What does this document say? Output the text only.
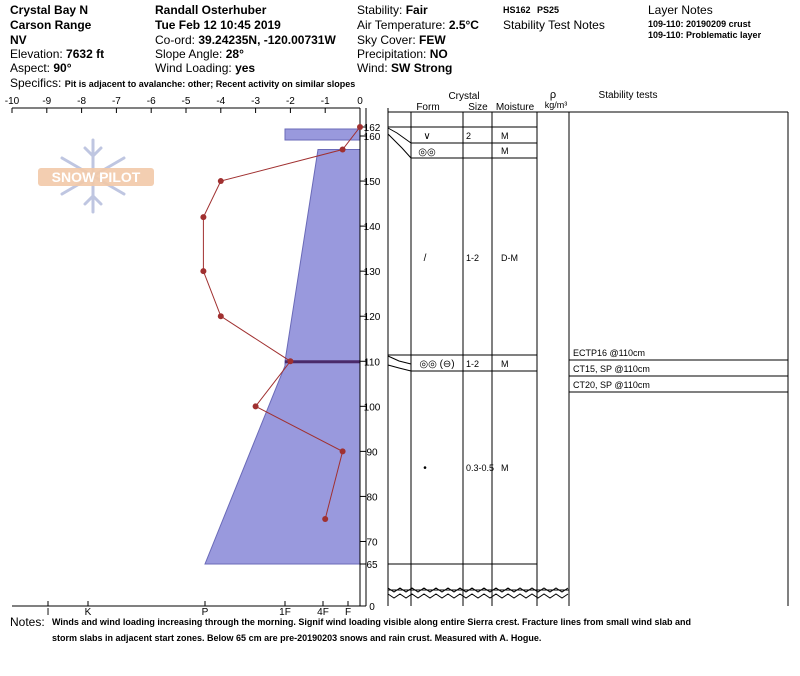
Crystal Bay N
Carson Range
NV
Elevation: 7632 ft
Aspect: 90°
Randall Osterhuber
Tue Feb 12 10:45 2019
Co-ord: 39.24235N, -120.00731W
Slope Angle: 28°
Wind Loading: yes
Stability: Fair
Air Temperature: 2.5°C
Sky Cover: FEW
Precipitation: NO
Wind: SW Strong
HS162 PS25
Stability Test Notes
Layer Notes
109-110: 20190209 crust
109-110: Problematic layer
Specifics: Pit is adjacent to avalanche: other; Recent activity on similar slopes
SNOW PILOT
-10 -9	-8	-7	-6	-5	-4	-3	-2	-1	0
I	K	P	1F	4F F 0
65
70
80
90
100
110
120
130
140
150
160
162
Crystal
Form	Size Moisture
ρ
kg/m³
Stability tests
∨	2	M
◎◎	M
/	1-2 D-M
◎◎ (⊖) 1-2 M
•	0.3-0.5 M
ECTP16 @110cm
CT15, SP @110cm
CT20, SP @110cm
Notes: Winds and wind loading increasing through the morning. Signif wind loading visible along entire Sierra crest. Fracture lines from small wind slab and
storm slabs in adjacent start zones. Below 65 cm are pre-20190203 snows and rain crust. Measured with A. Hogue.
